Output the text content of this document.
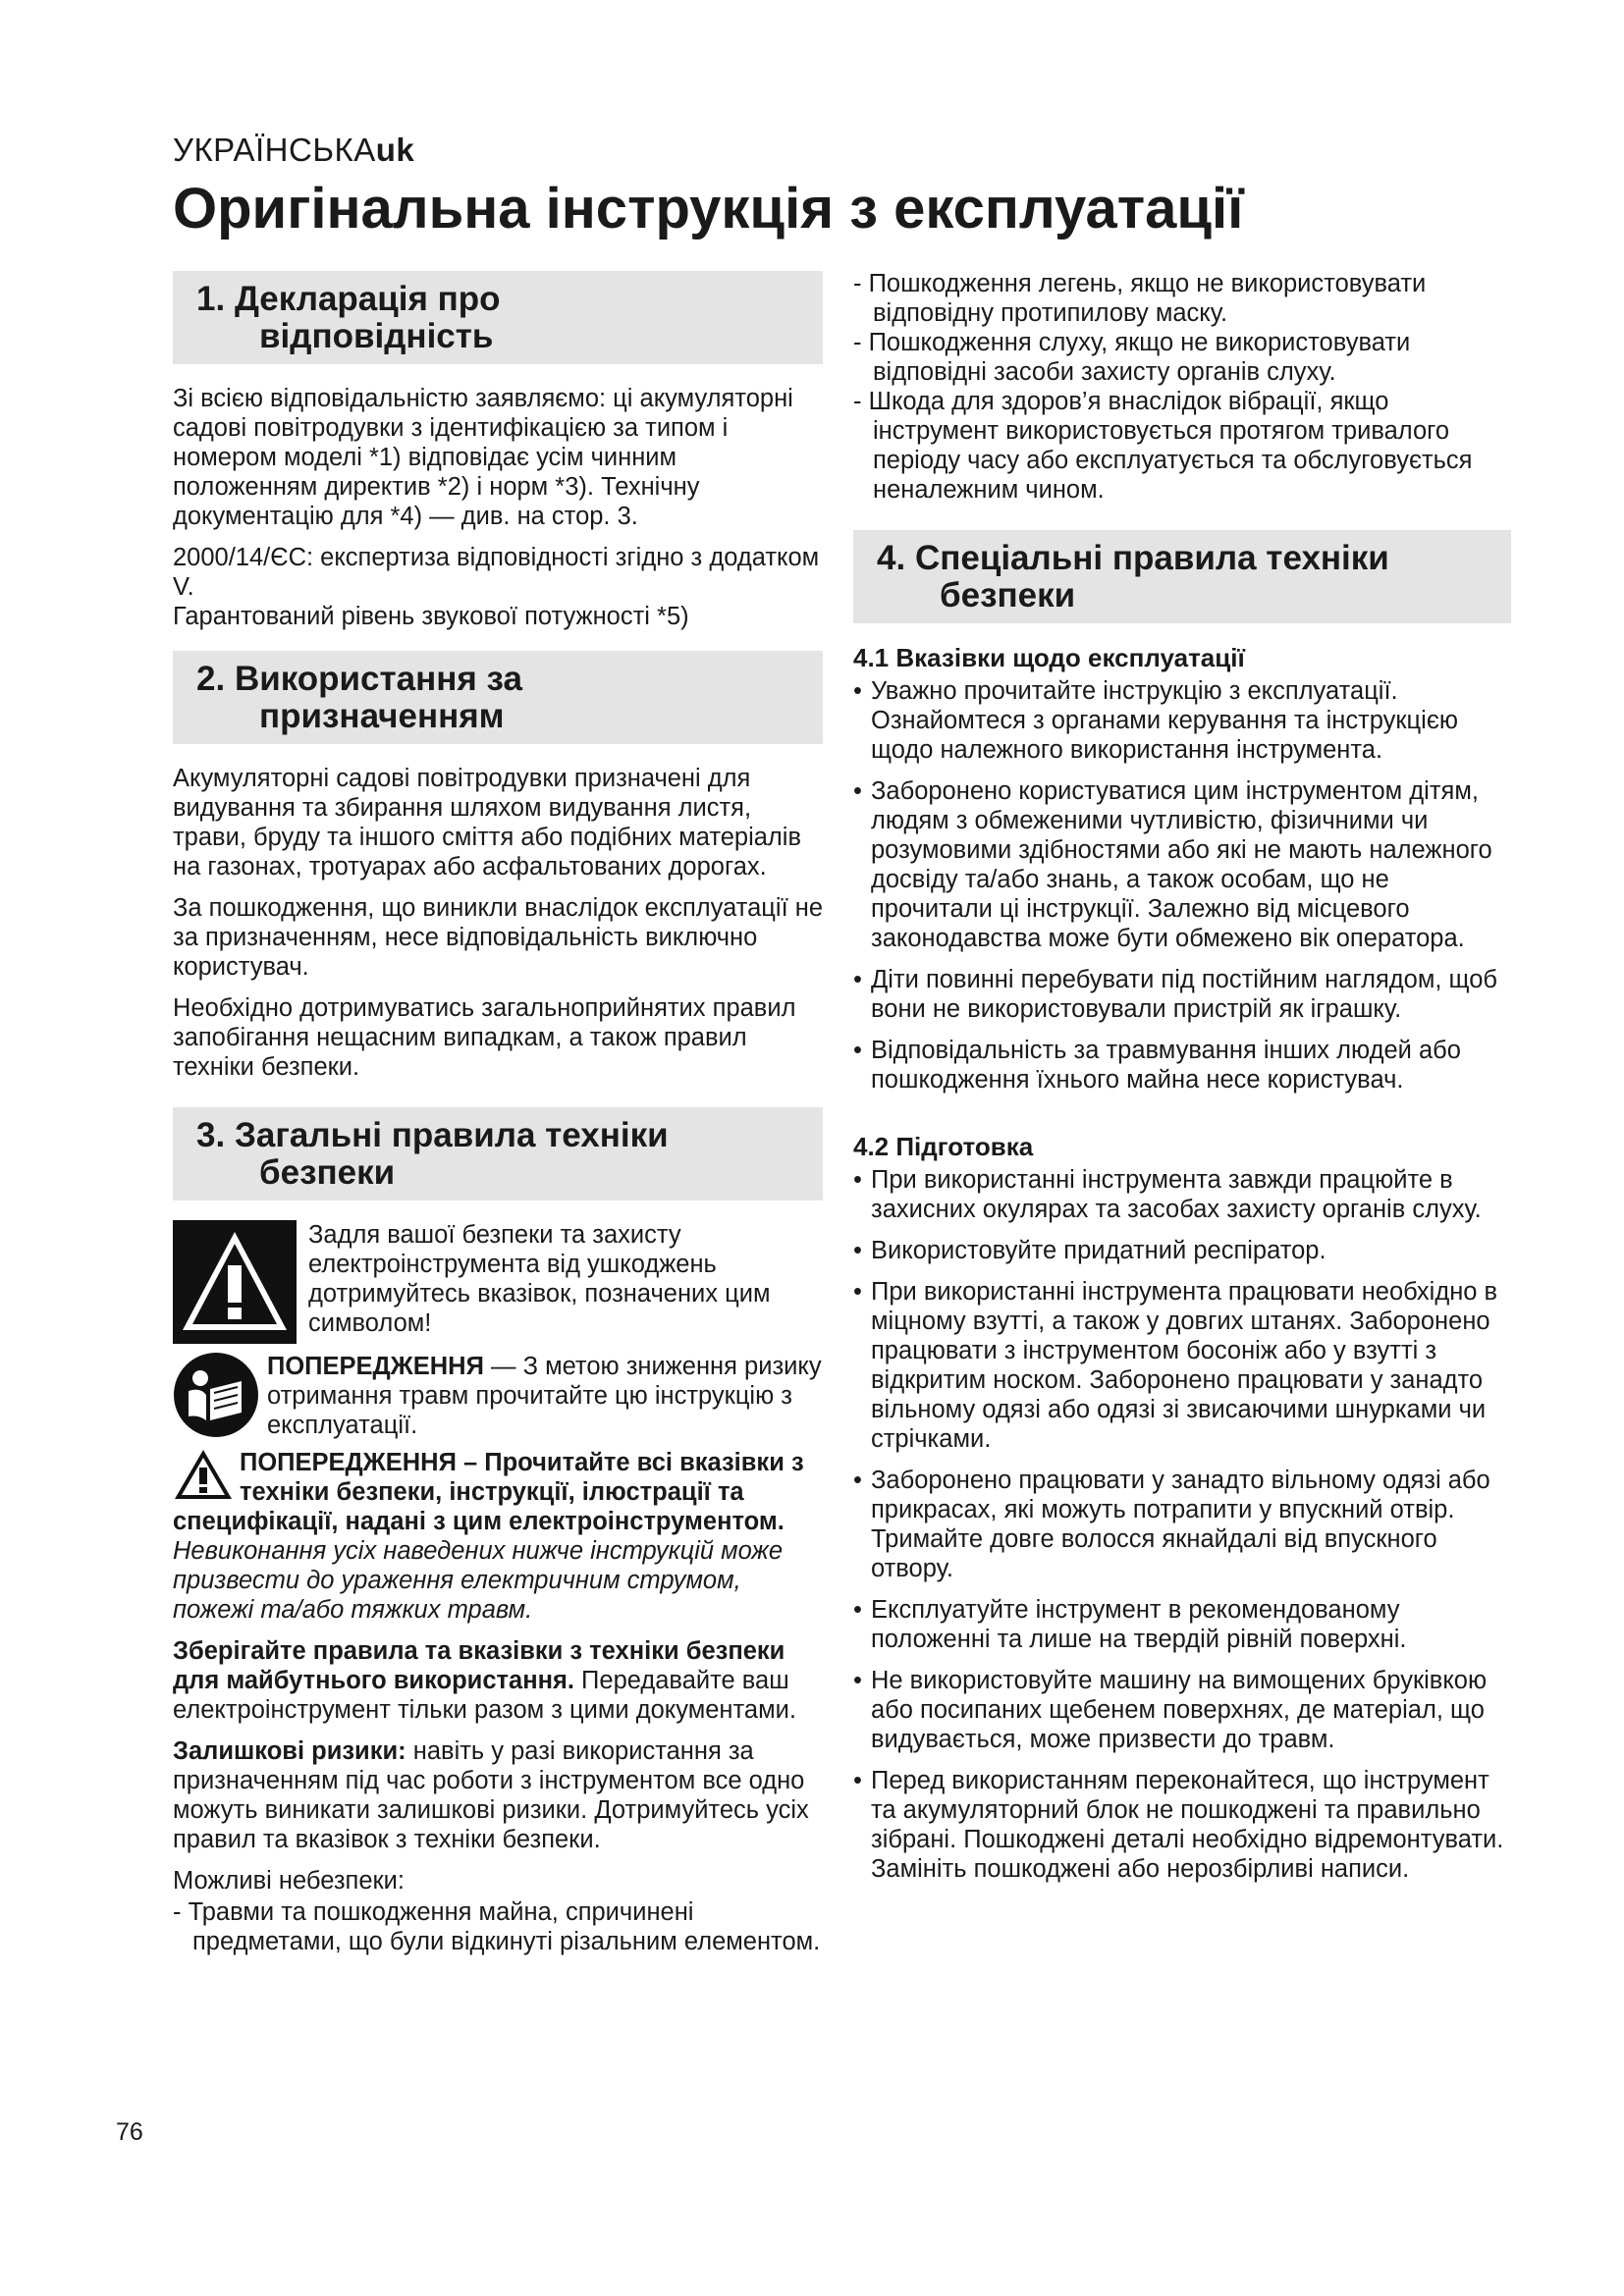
УКРАЇНСЬКАuk
Оригінальна інструкція з експлуатації
1. Декларація про
відповідність

Зі всією відповідальністю заявляємо: ці акумуляторні садові повітродувки з ідентифікацією за типом і номером моделі *1) відповідає усім чинним положенням директив *2) і норм *3). Технічну документацію для *4) — див. на стор. 3.

2000/14/ЄС: експертиза відповідності згідно з додатком V.

Гарантований рівень звукової потужності *5)

2. Використання за
призначенням

Акумуляторні садові повітродувки призначені для видування та збирання шляхом видування листя, трави, бруду та іншого сміття або подібних матеріалів на газонах, тротуарах або асфальтованих дорогах.

За пошкодження, що виникли внаслідок експлуатації не за призначенням, несе відповідальність виключно користувач.

Необхідно дотримуватись загальноприйнятих правил запобігання нещасним випадкам, а також правил техніки безпеки.

3. Загальні правила техніки
безпеки
Задля вашої безпеки та захисту електроінструмента від ушкоджень дотримуйтесь вказівок, позначених цим символом!
ПОПЕРЕДЖЕННЯ — З метою зниження ризику отримання травм прочитайте цю інструкцію з експлуатації.
ПОПЕРЕДЖЕННЯ – Прочитайте всі вказівки з техніки безпеки, інструкції, ілюстрації та специфікації, надані з цим електроінструментом. Невиконання усіх наведених нижче інструкцій може призвести до ураження електричним струмом, пожежі та/або тяжких травм.

Зберігайте правила та вказівки з техніки безпеки для майбутнього використання. Передавайте ваш електроінструмент тільки разом з цими документами.

Залишкові ризики: навіть у разі використання за призначенням під час роботи з інструментом все одно можуть виникати залишкові ризики. Дотримуйтесь усіх правил та вказівок з техніки безпеки.

Можливі небезпеки:

- Травми та пошкодження майна, спричинені предметами, що були відкинуті різальним елементом.
- Пошкодження легень, якщо не використовувати відповідну протипилову маску.
- Пошкодження слуху, якщо не використовувати відповідні засоби захисту органів слуху.
- Шкода для здоров’я внаслідок вібрації, якщо інструмент використовується протягом тривалого періоду часу або експлуатується та обслуговується неналежним чином.
4. Спеціальні правила техніки
безпеки
4.1 Вказівки щодо експлуатації
• Уважно прочитайте інструкцію з експлуатації. Ознайомтеся з органами керування та інструкцією щодо належного використання інструмента.
• Заборонено користуватися цим інструментом дітям, людям з обмеженими чутливістю, фізичними чи розумовими здібностями або які не мають належного досвіду та/або знань, а також особам, що не прочитали ці інструкції. Залежно від місцевого законодавства може бути обмежено вік оператора.
• Діти повинні перебувати під постійним наглядом, щоб вони не використовували пристрій як іграшку.
• Відповідальність за травмування інших людей або пошкодження їхнього майна несе користувач.
4.2 Підготовка
• При використанні інструмента завжди працюйте в захисних окулярах та засобах захисту органів слуху.
• Використовуйте придатний респіратор.
• При використанні інструмента працювати необхідно в міцному взутті, а також у довгих штанях. Заборонено працювати з інструментом босоніж або у взутті з відкритим носком. Заборонено працювати у занадто вільному одязі або одязі зі звисаючими шнурками чи стрічками.
• Заборонено працювати у занадто вільному одязі або прикрасах, які можуть потрапити у впускний отвір. Тримайте довге волосся якнайдалі від впускного отвору.
• Експлуатуйте інструмент в рекомендованому положенні та лише на твердій рівній поверхні.
• Не використовуйте машину на вимощених бруківкою або посипаних щебенем поверхнях, де матеріал, що видувається, може призвести до травм.
• Перед використанням переконайтеся, що інструмент та акумуляторний блок не пошкоджені та правильно зібрані. Пошкоджені деталі необхідно відремонтувати. Замініть пошкоджені або нерозбірливі написи.
76
